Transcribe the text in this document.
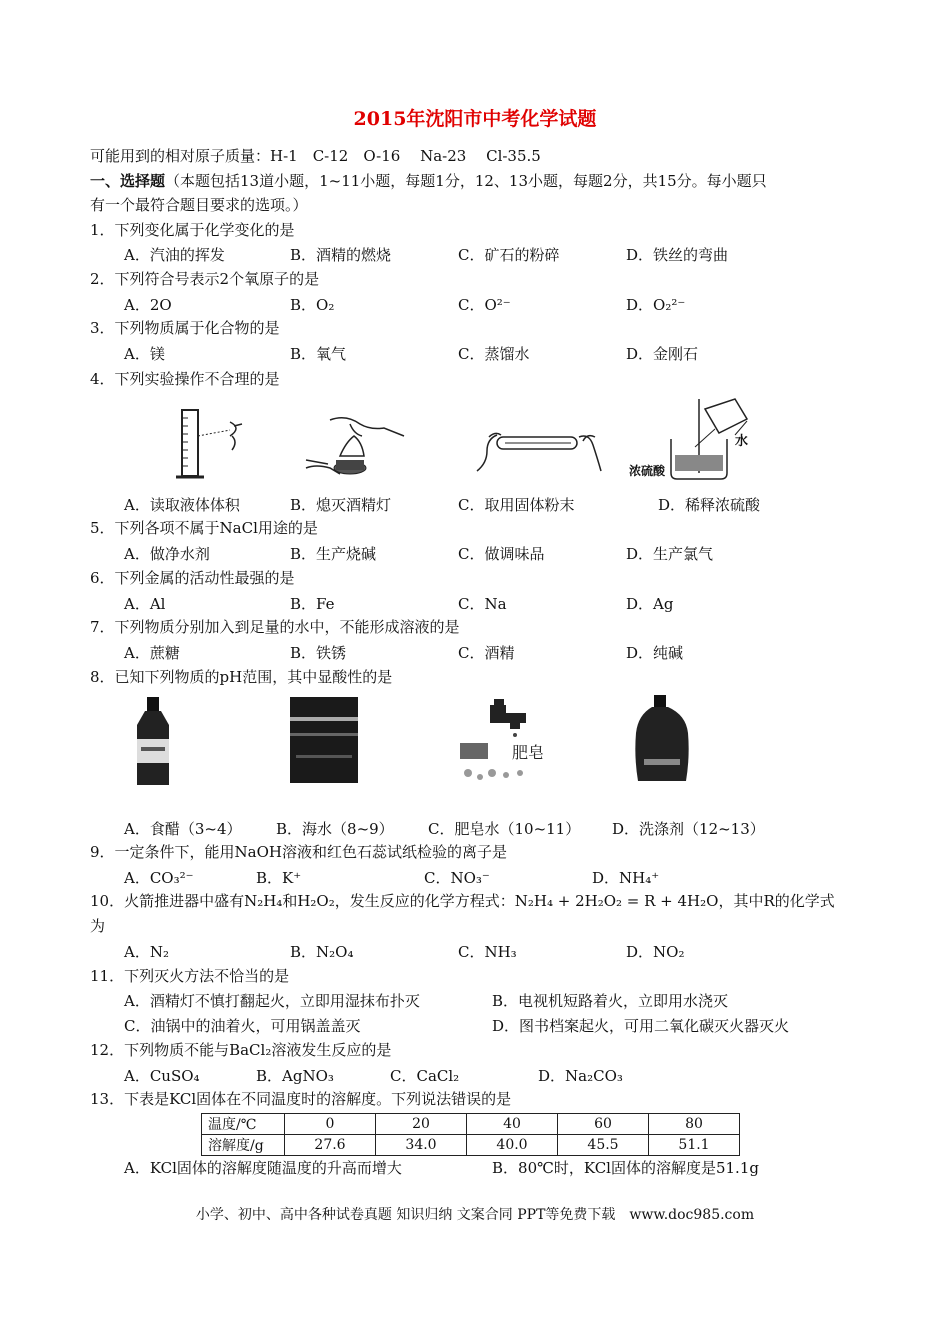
2015年沈阳市中考化学试题
可能用到的相对原子质量：H-1　C-12　O-16　 Na-23　 Cl-35.5
一、选择题（本题包括13道小题，1~11小题，每题1分，12、13小题，每题2分，共15分。每小题只
有一个最符合题目要求的选项。）
1．下列变化属于化学变化的是
A．汽油的挥发	B．酒精的燃烧	C．矿石的粉碎	D．铁丝的弯曲
2．下列符合号表示2个氧原子的是
A．2O	B．O₂	C．O²⁻	D．O₂²⁻
3．下列物质属于化合物的是
A．镁	B．氧气	C．蒸馏水	D．金刚石
4．下列实验操作不合理的是
水
浓硫酸
A．读取液体体积	B．熄灭酒精灯	C．取用固体粉末	D．稀释浓硫酸
5．下列各项不属于NaCl用途的是
A．做净水剂	B．生产烧碱	C．做调味品	D．生产氯气
6．下列金属的活动性最强的是
A．Al	B．Fe	C．Na	D．Ag
7．下列物质分别加入到足量的水中，不能形成溶液的是
A．蔗糖	B．铁锈	C．酒精	D．纯碱
8．已知下列物质的pH范围，其中显酸性的是
肥皂
A．食醋（3~4） B．海水（8~9） C．肥皂水（10~11） D．洗涤剂（12~13）
9．一定条件下，能用NaOH溶液和红色石蕊试纸检验的离子是
A．CO₃²⁻	B．K⁺	C．NO₃⁻	D．NH₄⁺
10．火箭推进器中盛有N₂H₄和H₂O₂，发生反应的化学方程式：N₂H₄ + 2H₂O₂ = R + 4H₂O，其中R的化学式
为
A．N₂	B．N₂O₄	C．NH₃	D．NO₂
11．下列灭火方法不恰当的是
A．酒精灯不慎打翻起火，立即用湿抹布扑灭	B．电视机短路着火，立即用水浇灭
C．油锅中的油着火，可用锅盖盖灭	D．图书档案起火，可用二氧化碳灭火器灭火
12．下列物质不能与BaCl₂溶液发生反应的是
A．CuSO₄	B．AgNO₃	C．CaCl₂	D．Na₂CO₃
13．下表是KCl固体在不同温度时的溶解度。下列说法错误的是
温度/℃	0	20	40	60	80
溶解度/g	27.6	34.0	40.0	45.5	51.1
A．KCl固体的溶解度随温度的升高而增大	B．80℃时，KCl固体的溶解度是51.1g
小学、初中、高中各种试卷真题 知识归纳 文案合同 PPT等免费下载　www.doc985.com
